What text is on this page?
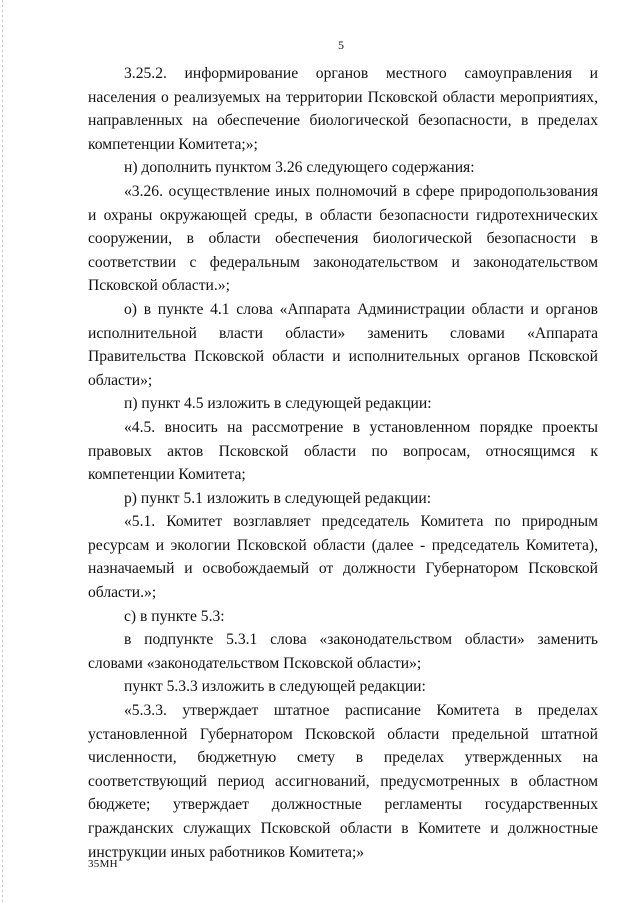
5

3.25.2. информирование органов местного самоуправления и населения о реализуемых на территории Псковской области мероприятиях, направленных на обеспечение биологической безопасности, в пределах компетенции Комитета;»;

н) дополнить пунктом 3.26 следующего содержания:

«3.26. осуществление иных полномочий в сфере природопользования и охраны окружающей среды, в области безопасности гидротехнических сооружении, в области обеспечения биологической безопасности в соответствии с федеральным законодательством и законодательством Псковской области.»;

о) в пункте 4.1 слова «Аппарата Администрации области и органов исполнительной власти области» заменить словами «Аппарата Правительства Псковской области и исполнительных органов Псковской области»;

п) пункт 4.5 изложить в следующей редакции:

«4.5. вносить на рассмотрение в установленном порядке проекты правовых актов Псковской области по вопросам, относящимся к компетенции Комитета;

р) пункт 5.1 изложить в следующей редакции:

«5.1. Комитет возглавляет председатель Комитета по природным ресурсам и экологии Псковской области (далее - председатель Комитета), назначаемый и освобождаемый от должности Губернатором Псковской области.»;

с) в пункте 5.3:

в подпункте 5.3.1 слова «законодательством области» заменить словами «законодательством Псковской области»;

пункт 5.3.3 изложить в следующей редакции:

«5.3.3. утверждает штатное расписание Комитета в пределах установленной Губернатором Псковской области предельной штатной численности, бюджетную смету в пределах утвержденных на соответствующий период ассигнований, предусмотренных в областном бюджете; утверждает должностные регламенты государственных гражданских служащих Псковской области в Комитете и должностные инструкции иных работников Комитета;»

35МН
